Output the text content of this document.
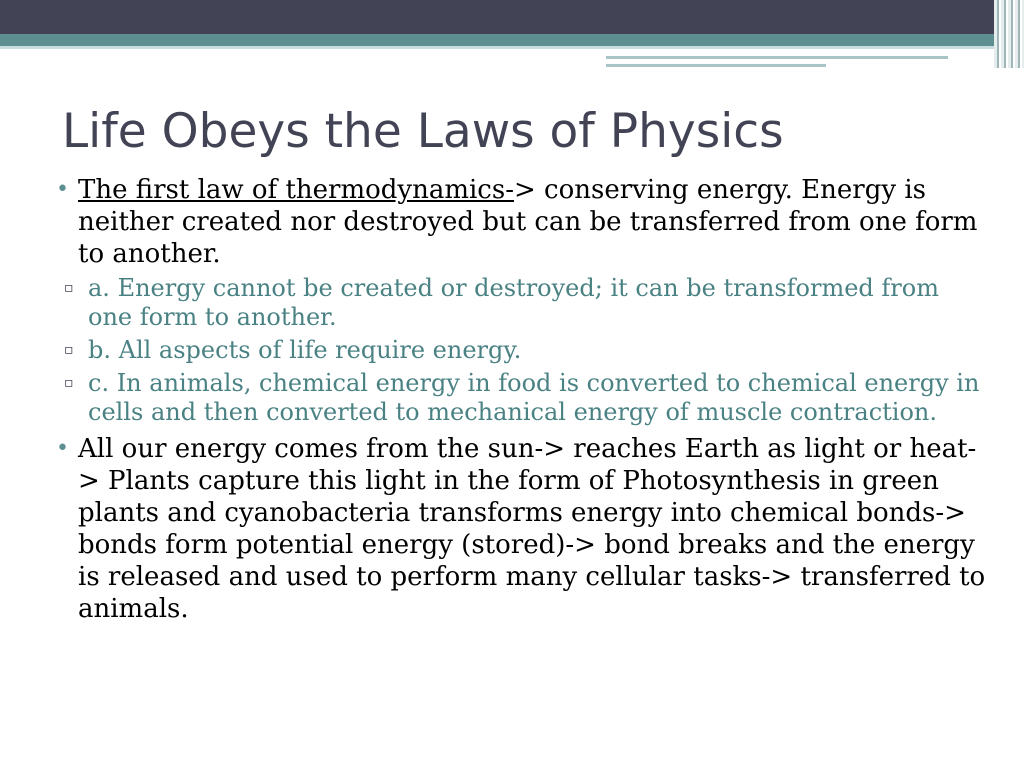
Life Obeys the Laws of Physics
• The first law of thermodynamics-> conserving energy. Energy is neither created nor destroyed but can be transferred from one form to another.
▫ a. Energy cannot be created or destroyed; it can be transformed from one form to another.
▫ b. All aspects of life require energy.
▫ c. In animals, chemical energy in food is converted to chemical energy in cells and then converted to mechanical energy of muscle contraction.
• All our energy comes from the sun-> reaches Earth as light or heat-> Plants capture this light in the form of Photosynthesis in green plants and cyanobacteria transforms energy into chemical bonds-> bonds form potential energy (stored)-> bond breaks and the energy is released and used to perform many cellular tasks-> transferred to animals.
